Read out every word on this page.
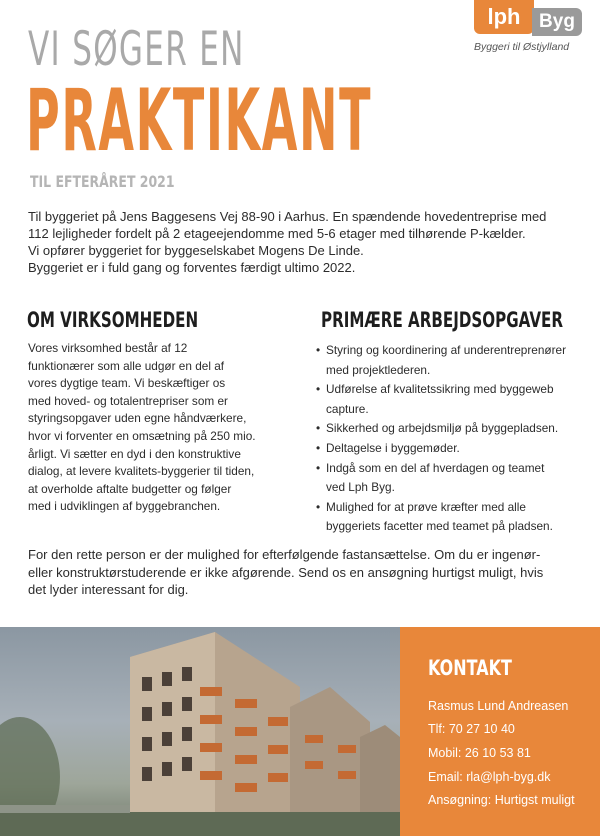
lph Byg
Byggeri til Østjylland
VI SØGER EN
PRAKTIKANT
TIL EFTERÅRET 2021
Til byggeriet på Jens Baggesens Vej 88-90 i Aarhus. En spændende hovedentreprise med
112 lejligheder fordelt på 2 etageejendomme med 5-6 etager med tilhørende P-kælder.
Vi opfører byggeriet for byggeselskabet Mogens De Linde.
Byggeriet er i fuld gang og forventes færdigt ultimo 2022.
OM VIRKSOMHEDEN	PRIMÆRE ARBEJDSOPGAVER
Vores virksomhed består af 12
funktionærer som alle udgør en del af
vores dygtige team. Vi beskæftiger os
med hoved- og totalentrepriser som er
styringsopgaver uden egne håndværkere,
hvor vi forventer en omsætning på 250 mio.
årligt. Vi sætter en dyd i den konstruktive
dialog, at levere kvalitets-byggerier til tiden,
at overholde aftalte budgetter og følger
med i udviklingen af byggebranchen.
• Styring og koordinering af underentreprenører
med projektlederen.
• Udførelse af kvalitetssikring med byggeweb
capture.
• Sikkerhed og arbejdsmiljø på byggepladsen.
• Deltagelse i byggemøder.
• Indgå som en del af hverdagen og teamet
ved Lph Byg.
• Mulighed for at prøve kræfter med alle
byggeriets facetter med teamet på pladsen.
For den rette person er der mulighed for efterfølgende fastansættelse. Om du er ingenør-
eller konstruktørstuderende er ikke afgørende. Send os en ansøgning hurtigst muligt, hvis
det lyder interessant for dig.
KONTAKT
Rasmus Lund Andreasen
Tlf: 70 27 10 40
Mobil: 26 10 53 81
Email: rla@lph-byg.dk
Ansøgning: Hurtigst muligt
